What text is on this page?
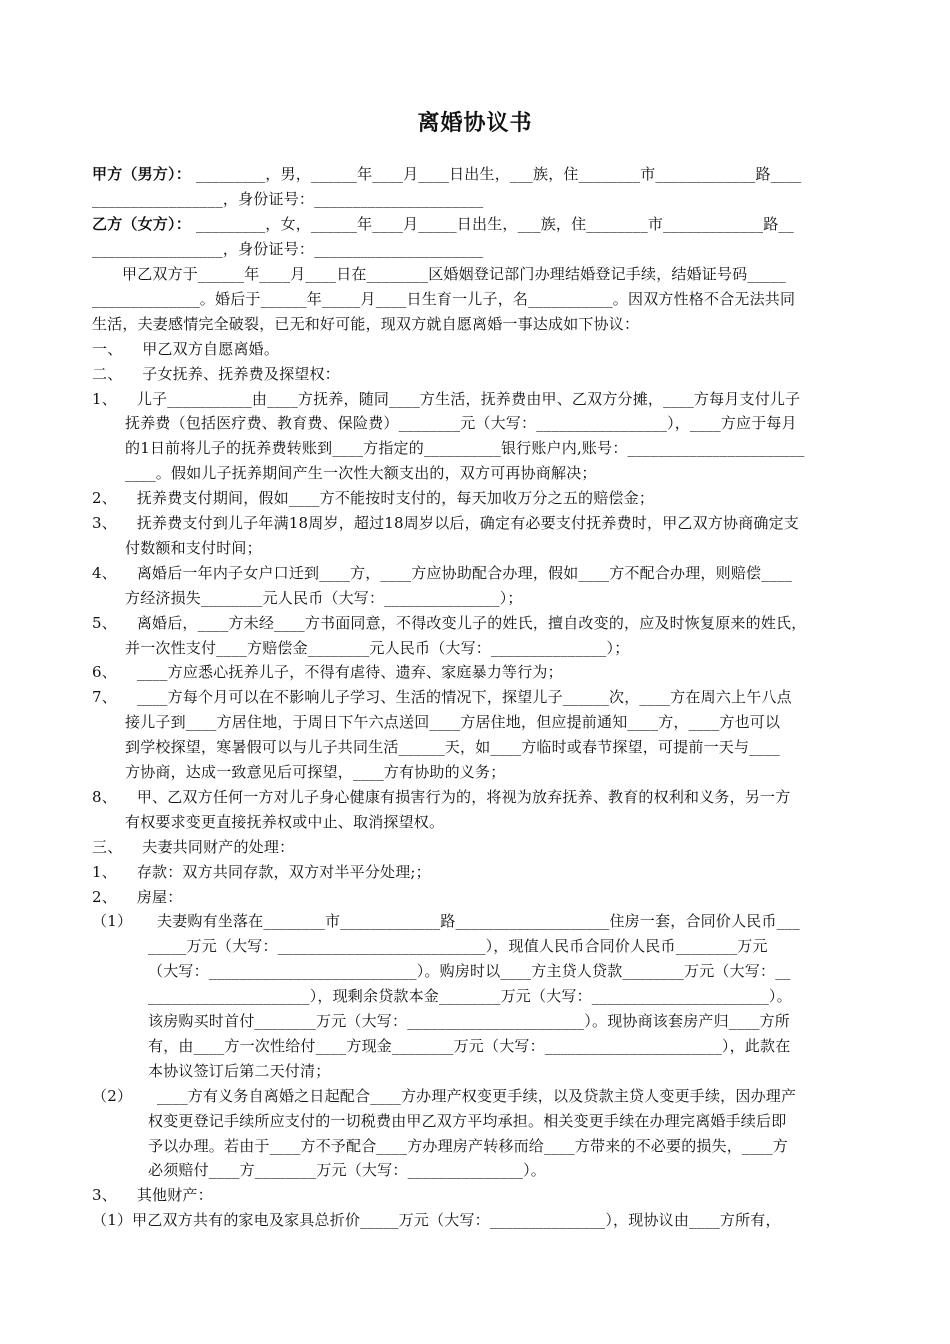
离婚协议书
甲方（男方）： _________，男，______年____月____日出生，___族，住________市_____________路____
_________________，身份证号：______________________
乙方（女方）： _________，女，______年____月_____日出生，___族，住________市_____________路__
_________________，身份证号：______________________
甲乙双方于______年____月____日在________区婚姻登记部门办理结婚登记手续，结婚证号码_____
______________。婚后于______年_____月____日生育一儿子，名___________。因双方性格不合无法共同
生活，夫妻感情完全破裂，已无和好可能，现双方就自愿离婚一事达成如下协议：
一、    甲乙双方自愿离婚。
二、    子女抚养、抚养费及探望权：
1、    儿子___________由____方抚养，随同____方生活，抚养费由甲、乙双方分摊，____方每月支付儿子
抚养费（包括医疗费、教育费、保险费）________元（大写：_________________），____方应于每月
的1日前将儿子的抚养费转账到____方指定的__________银行账户内,账号：_______________________
____。假如儿子抚养期间产生一次性大额支出的，双方可再协商解决；
2、    抚养费支付期间，假如____方不能按时支付的，每天加收万分之五的赔偿金；
3、    抚养费支付到儿子年满18周岁，超过18周岁以后，确定有必要支付抚养费时，甲乙双方协商确定支
付数额和支付时间；
4、    离婚后一年内子女户口迁到____方，____方应协助配合办理，假如____方不配合办理，则赔偿____
方经济损失________元人民币（大写：_______________）；
5、    离婚后，____方未经____方书面同意，不得改变儿子的姓氏，擅自改变的，应及时恢复原来的姓氏，
并一次性支付____方赔偿金________元人民币（大写：_______________）；
6、    ____方应悉心抚养儿子，不得有虐待、遗弃、家庭暴力等行为；
7、    ____方每个月可以在不影响儿子学习、生活的情况下，探望儿子______次，____方在周六上午八点
接儿子到____方居住地，于周日下午六点送回____方居住地，但应提前通知____方，____方也可以
到学校探望，寒暑假可以与儿子共同生活______天，如____方临时或春节探望，可提前一天与____
方协商，达成一致意见后可探望，____方有协助的义务；
8、    甲、乙双方任何一方对儿子身心健康有损害行为的，将视为放弃抚养、教育的权利和义务，另一方
有权要求变更直接抚养权或中止、取消探望权。
三、    夫妻共同财产的处理：
1、    存款：双方共同存款，双方对半平分处理;；
2、    房屋：
（1）     夫妻购有坐落在________市_____________路____________________住房一套，合同价人民币___
_____万元（大写：___________________________），现值人民币合同价人民币________万元
（大写：___________________________）。购房时以____方主贷人贷款________万元（大写：__
_____________________），现剩余贷款本金________万元（大写：_______________________）。
该房购买时首付________万元（大写：_______________________）。现协商该套房产归____方所
有，由____方一次性给付____方现金________万元（大写：_______________________），此款在
本协议签订后第二天付清；
（2）     ____方有义务自离婚之日起配合____方办理产权变更手续，以及贷款主贷人变更手续，因办理产
权变更登记手续所应支付的一切税费由甲乙双方平均承担。相关变更手续在办理完离婚手续后即
予以办理。若由于____方不予配合____方办理房产转移而给____方带来的不必要的损失，____方
必须赔付____方________万元（大写：_______________）。
3、    其他财产：
（1）甲乙双方共有的家电及家具总折价_____万元（大写：_______________），现协议由____方所有，
